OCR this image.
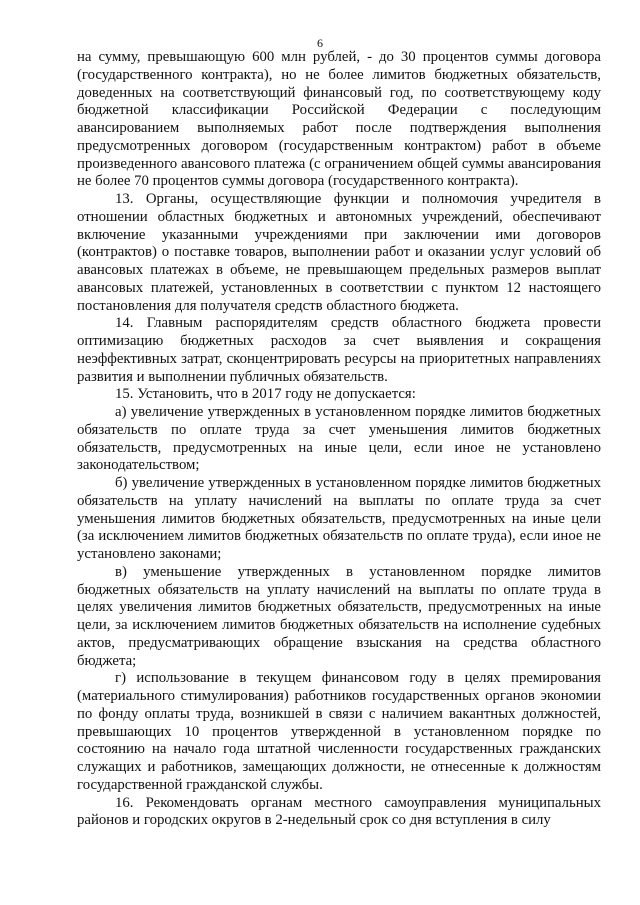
6

на сумму, превышающую 600 млн рублей, - до 30 процентов суммы договора (государственного контракта), но не более лимитов бюджетных обязательств, доведенных на соответствующий финансовый год, по соответствующему коду бюджетной классификации Российской Федерации с последующим авансированием выполняемых работ после подтверждения выполнения предусмотренных договором (государственным контрактом) работ в объеме произведенного авансового платежа (с ограничением общей суммы авансирования не более 70 процентов суммы договора (государственного контракта).

13. Органы, осуществляющие функции и полномочия учредителя в отношении областных бюджетных и автономных учреждений, обеспечивают включение указанными учреждениями при заключении ими договоров (контрактов) о поставке товаров, выполнении работ и оказании услуг условий об авансовых платежах в объеме, не превышающем предельных размеров выплат авансовых платежей, установленных в соответствии с пунктом 12 настоящего постановления для получателя средств областного бюджета.

14. Главным распорядителям средств областного бюджета провести оптимизацию бюджетных расходов за счет выявления и сокращения неэффективных затрат, сконцентрировать ресурсы на приоритетных направлениях развития и выполнении публичных обязательств.

15. Установить, что в 2017 году не допускается:

а) увеличение утвержденных в установленном порядке лимитов бюджетных обязательств по оплате труда за счет уменьшения лимитов бюджетных обязательств, предусмотренных на иные цели, если иное не установлено законодательством;

б) увеличение утвержденных в установленном порядке лимитов бюджетных обязательств на уплату начислений на выплаты по оплате труда за счет уменьшения лимитов бюджетных обязательств, предусмотренных на иные цели (за исключением лимитов бюджетных обязательств по оплате труда), если иное не установлено законами;

в) уменьшение утвержденных в установленном порядке лимитов бюджетных обязательств на уплату начислений на выплаты по оплате труда в целях увеличения лимитов бюджетных обязательств, предусмотренных на иные цели, за исключением лимитов бюджетных обязательств на исполнение судебных актов, предусматривающих обращение взыскания на средства областного бюджета;

г) использование в текущем финансовом году в целях премирования (материального стимулирования) работников государственных органов экономии по фонду оплаты труда, возникшей в связи с наличием вакантных должностей, превышающих 10 процентов утвержденной в установленном порядке по состоянию на начало года штатной численности государственных гражданских служащих и работников, замещающих должности, не отнесенные к должностям государственной гражданской службы.

16. Рекомендовать органам местного самоуправления муниципальных районов и городских округов в 2-недельный срок со дня вступления в силу
